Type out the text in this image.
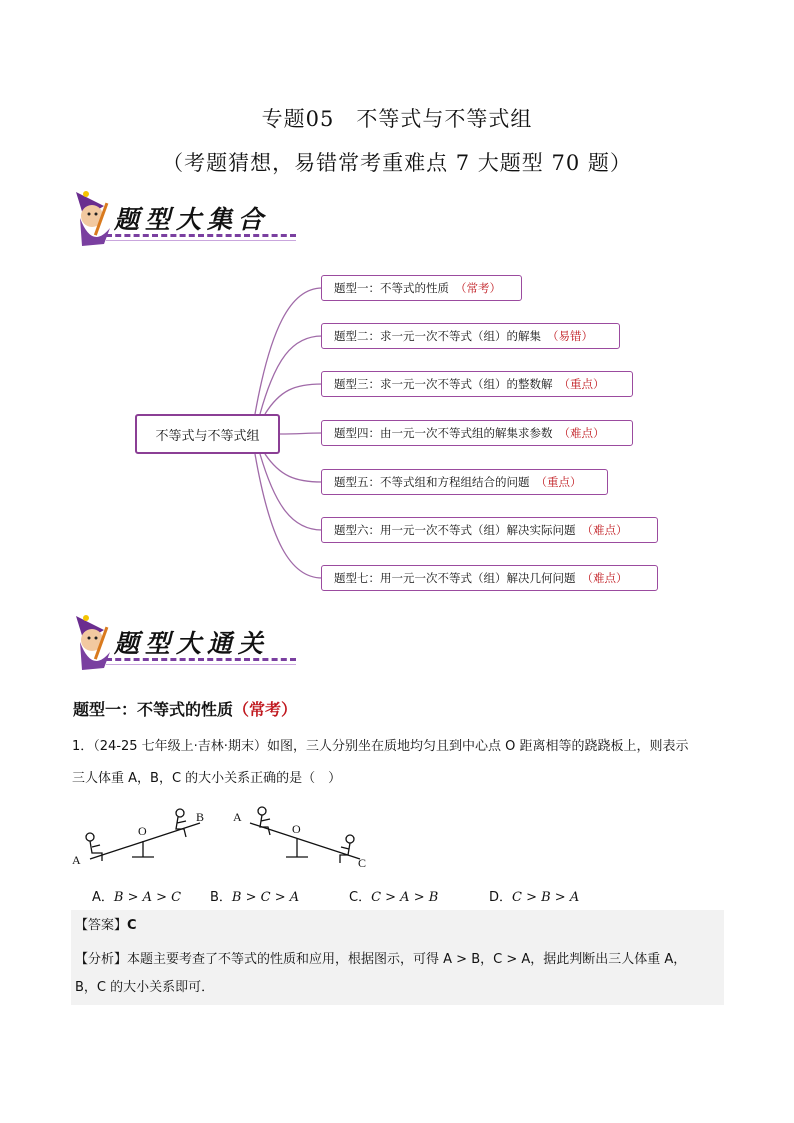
专题05　不等式与不等式组
（考题猜想，易错常考重难点 7 大题型 70 题）
题型大集合
不等式与不等式组
题型一：不等式的性质 （常考）
题型二：求一元一次不等式（组）的解集 （易错）
题型三：求一元一次不等式（组）的整数解 （重点）
题型四：由一元一次不等式组的解集求参数 （难点）
题型五：不等式组和方程组结合的问题 （重点）
题型六：用一元一次不等式（组）解决实际问题 （难点）
题型七：用一元一次不等式（组）解决几何问题 （难点）
题型大通关
题型一：不等式的性质（常考）
1．（24-25 七年级上·吉林·期末）如图，三人分别坐在质地均匀且到中心点 O 距离相等的跷跷板上，则表示
三人体重 A，B，C 的大小关系正确的是（　）
A
O
B A
O
C
A．B > A > C B．B > C > A	C．C > A > B	D．C > B > A
【答案】C
【分析】本题主要考查了不等式的性质和应用，根据图示，可得 A > B，C > A，据此判断出三人体重 A，
B，C 的大小关系即可．
